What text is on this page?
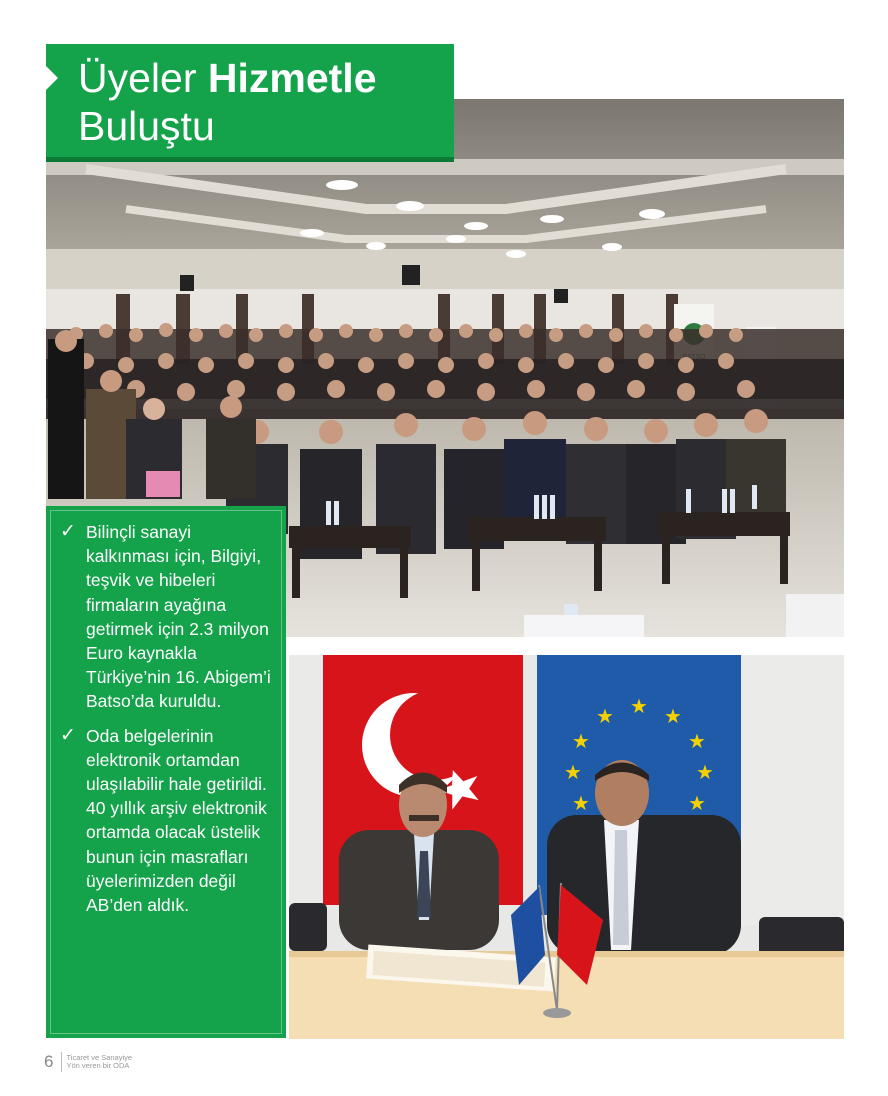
★ ★
★
★
★
★
★
★
★
Üyeler Hizmetle
Buluştu
✓ Bilinçli sanayi kalkınması için, Bilgiyi, teşvik ve hibeleri firmaların ayağına getirmek için 2.3 milyon Euro kaynakla Türkiye’nin 16. Abigem’i Batso’da kuruldu.
✓ Oda belgelerinin elektronik ortamdan ulaşılabilir hale getirildi. 40 yıllık arşiv elektronik ortamda olacak üstelik bunun için masrafları üyelerimizden değil AB’den aldık.
6 Ticaret ve Sanayiye
Yön veren bir ODA
